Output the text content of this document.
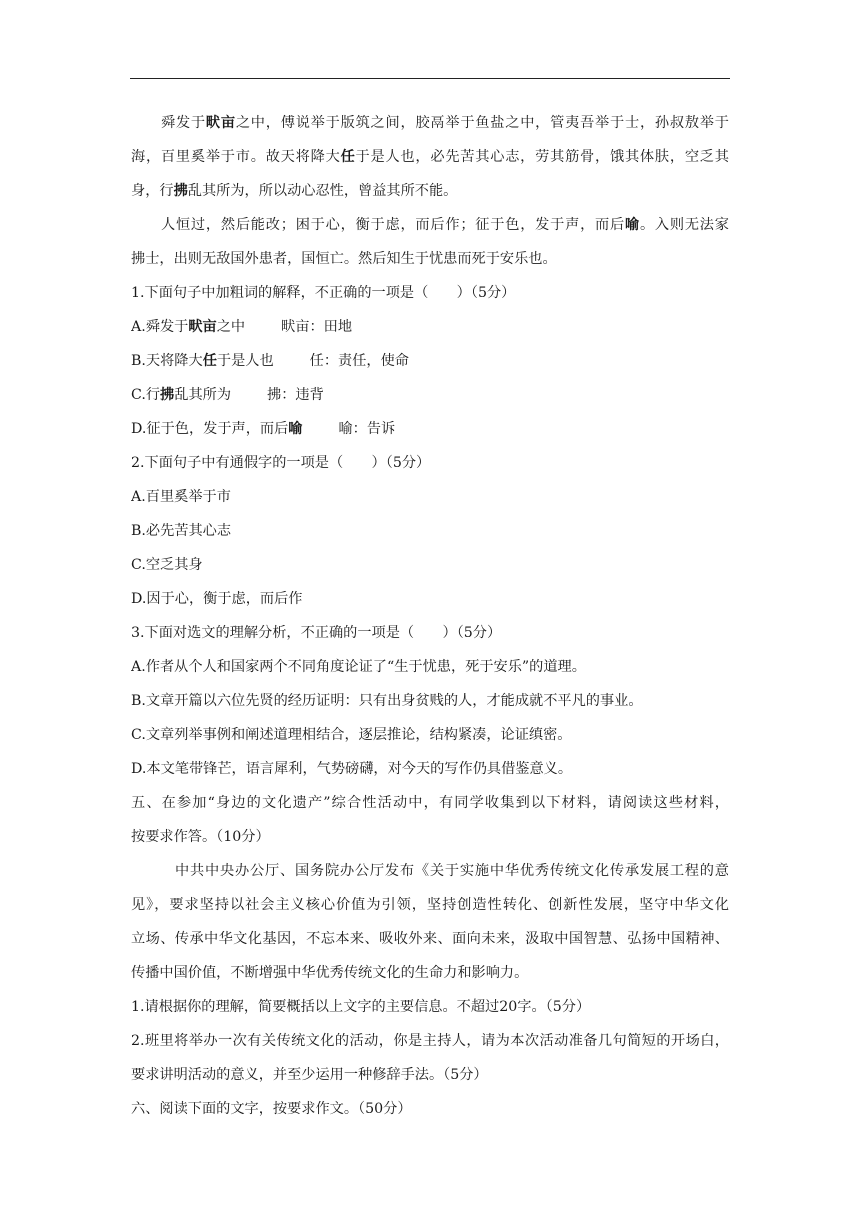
舜发于畎亩之中，傅说举于版筑之间，胶鬲举于鱼盐之中，管夷吾举于士，孙叔敖举于
海，百里奚举于市。故天将降大任于是人也，必先苦其心志，劳其筋骨，饿其体肤，空乏其
身，行拂乱其所为，所以动心忍性，曾益其所不能。
人恒过，然后能改；困于心，衡于虑，而后作；征于色，发于声，而后喻。入则无法家
拂士，出则无敌国外患者，国恒亡。然后知生于忧患而死于安乐也。
1.下面句子中加粗词的解释，不正确的一项是（　　）（5分）
A.舜发于畎亩之中	畎亩：田地
B.天将降大任于是人也	任：责任，使命
C.行拂乱其所为	拂：违背
D.征于色，发于声，而后喻	喻：告诉
2.下面句子中有通假字的一项是（　　）（5分）
A.百里奚举于市
B.必先苦其心志
C.空乏其身
D.因于心，衡于虑，而后作
3.下面对选文的理解分析，不正确的一项是（　　）（5分）
A.作者从个人和国家两个不同角度论证了“生于忧患，死于安乐”的道理。
B.文章开篇以六位先贤的经历证明：只有出身贫贱的人，才能成就不平凡的事业。
C.文章列举事例和阐述道理相结合，逐层推论，结构紧凑，论证缜密。
D.本文笔带锋芒，语言犀利，气势磅礴，对今天的写作仍具借鉴意义。
五、在参加“身边的文化遗产”综合性活动中，有同学收集到以下材料，请阅读这些材料，
按要求作答。（10分）
中共中央办公厅、国务院办公厅发布《关于实施中华优秀传统文化传承发展工程的意
见》，要求坚持以社会主义核心价值为引领，坚持创造性转化、创新性发展，坚守中华文化
立场、传承中华文化基因，不忘本来、吸收外来、面向未来，汲取中国智慧、弘扬中国精神、
传播中国价值，不断增强中华优秀传统文化的生命力和影响力。
1.请根据你的理解，简要概括以上文字的主要信息。不超过20字。（5分）
2.班里将举办一次有关传统文化的活动，你是主持人，请为本次活动准备几句简短的开场白，
要求讲明活动的意义，并至少运用一种修辞手法。（5分）
六、阅读下面的文字，按要求作文。（50分）
